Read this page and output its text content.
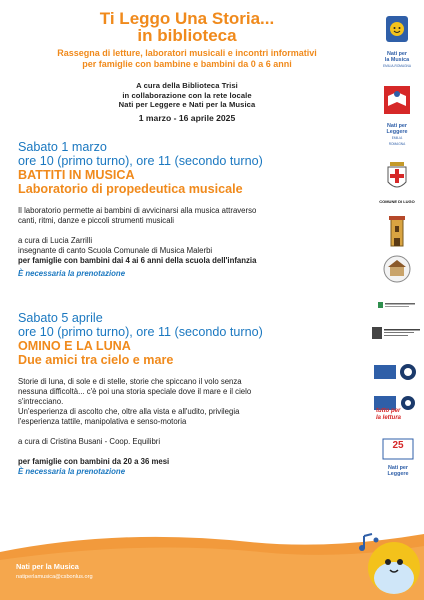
Ti Leggo Una Storia...
in biblioteca
Rassegna di letture, laboratori musicali e incontri informativi
per famiglie con bambine e bambini da 0 a 6 anni
A cura della Biblioteca Trisi
in collaborazione con la rete locale
Nati per Leggere e Nati per la Musica
1 marzo - 16 aprile 2025
Sabato 1 marzo
ore 10 (primo turno), ore 11 (secondo turno)
BATTITI IN MUSICA
Laboratorio di propedeutica musicale
Il laboratorio permette ai bambini di avvicinarsi alla musica attraverso
canti, ritmi, danze e piccoli strumenti musicali
a cura di Lucia Zarrilli
insegnante di canto Scuola Comunale di Musica Malerbi
per famiglie con bambini dai 4 ai 6 anni della scuola dell'infanzia
È necessaria la prenotazione
Sabato 5 aprile
ore 10 (primo turno), ore 11 (secondo turno)
OMINO E LA LUNA
Due amici tra cielo e mare
Storie di luna, di sole e di stelle, storie che spiccano il volo senza
nessuna difficoltà... c'è poi una storia speciale dove il mare e il cielo
s'intrecciano.
Un'esperienza di ascolto che, oltre alla vista e all'udito, privilegia
l'esperienza tattile, manipolativa e senso-motoria
a cura di Cristina Busani - Coop. Equilibri
per famiglie con bambini da 20 a 36 mesi
È necessaria la prenotazione
Nati per
la Musica
EMILIA-ROMAGNA
Nati per
Leggere
EMILIA
ROMAGNA
COMUNE DI LUGO
tutto per
la lettura
25
Nati per
Leggere
Nati per la Musica
natiperlamusica@csbonlus.org
